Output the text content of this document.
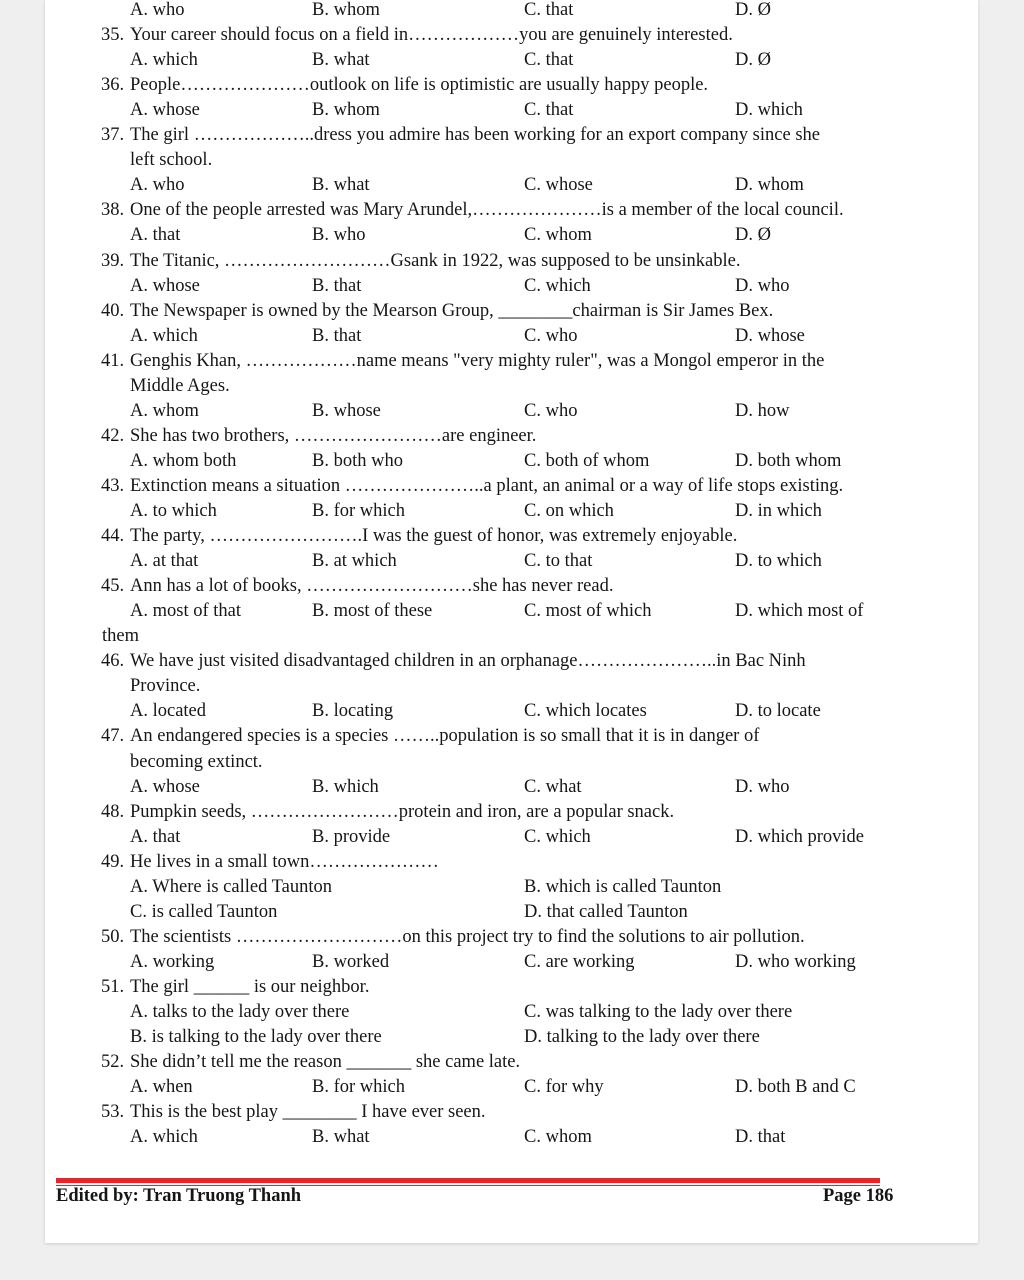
A. who	B. whom	C. that	D. Ø
35. Your career should focus on a field in………………you are genuinely interested.
A. which	B. what	C. that	D. Ø
36. People…………………outlook on life is optimistic are usually happy people.
A. whose	B. whom	C. that	D. which
37. The girl ………………..dress you admire has been working for an export company since she
left school.
A. who	B. what	C. whose	D. whom
38. One of the people arrested was Mary Arundel,…………………is a member of the local council.
A. that	B. who	C. whom	D. Ø
39. The Titanic, ………………………Gsank in 1922, was supposed to be unsinkable.
A. whose	B. that	C. which	D. who
40. The Newspaper is owned by the Mearson Group, ________chairman is Sir James Bex.
A. which	B. that	C. who	D. whose
41. Genghis Khan, ………………name means "very mighty ruler", was a Mongol emperor in the
Middle Ages.
A. whom	B. whose	C. who	D. how
42. She has two brothers, ……………………are engineer.
A. whom both	B. both who	C. both of whom	D. both whom
43. Extinction means a situation …………………..a plant, an animal or a way of life stops existing.
A. to which	B. for which	C. on which	D. in which
44. The party, …………………….I was the guest of honor, was extremely enjoyable.
A. at that	B. at which	C. to that	D. to which
45. Ann has a lot of books, ………………………she has never read.
A. most of that	B. most of these	C. most of which	D. which most of
them
46. We have just visited disadvantaged children in an orphanage…………………..in Bac Ninh
Province.
A. located	B. locating	C. which locates	D. to locate
47. An endangered species is a species ……..population is so small that it is in danger of
becoming extinct.
A. whose	B. which	C. what	D. who
48. Pumpkin seeds, ……………………protein and iron, are a popular snack.
A. that	B. provide	C. which	D. which provide
49. He lives in a small town…………………
A. Where is called Taunton	B. which is called Taunton
C. is called Taunton	D. that called Taunton
50. The scientists ………………………on this project try to find the solutions to air pollution.
A. working	B. worked	C. are working	D. who working
51. The girl ______ is our neighbor.
A. talks to the lady over there	C. was talking to the lady over there
B. is talking to the lady over there	D. talking to the lady over there
52. She didn’t tell me the reason _______ she came late.
A. when	B. for which	C. for why	D. both B and C
53. This is the best play ________ I have ever seen.
A. which	B. what	C. whom	D. that
Edited by: Tran Truong Thanh	Page 186
